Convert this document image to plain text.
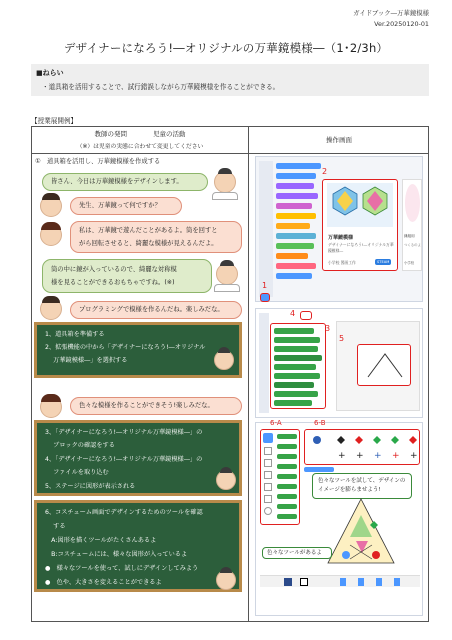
ガイドブック―万華鏡模様
Ver.20250120-01
デザイナーになろう!―オリジナルの万華鏡模様―（1･2/3h）
■ねらい
・道具箱を活用することで、試行錯誤しながら万華鏡模様を作ることができる。
【授業展開例】
教師の発問　　　　児童の活動
（※）は児童の実態に合わせて変更してください
操作画面
①　道具箱を活用し、万華鏡模様を作成する
皆さん、今日は万華鏡模様をデザインします。
先生、万華鏡って何ですか？
私は、万華鏡で遊んだことがあるよ。筒を回すと
がら回転させると、綺麗な模様が見えるんだよ。
筒の中に鏡が入っているので、綺麗な対称模
様を見ることができるおもちゃですね。(※)
プログラミングで模様を作るんだね。楽しみだな。
1、道具箱を準備する
2、拡張機能の中から「デザイナーになろう!―オリジナル
　 万華鏡模様―」を選択する
色々な模様を作ることができそう!楽しみだな。
3、「デザイナーになろう!―オリジナル万華鏡模様―」の
　 ブロックの確認をする
4、「デザイナーになろう!―オリジナル万華鏡模様―」の
　 ファイルを取り込む
5、ステージに図形が表示される
6、コスチューム画面でデザインするためのツールを確認
　 する
　A:図形を描くツールがたくさんあるよ
　B:コスチュームには、様々な図形が入っているよ
●　様々なツールを使って、試しにデザインしてみよう
●　色や、大きさを変えることができるよ
万華鏡模様
デザイナーになろう!―オリジナル万華鏡模様―
小学校 図画工作	STEAM
縁組用
つくるのよ
小学校
2
1
4
3
5
6-A	6-B
+ + + + +
色々なツールを試して、デザインの
イメージを膨らませよう!
色々なツールがあるよ
